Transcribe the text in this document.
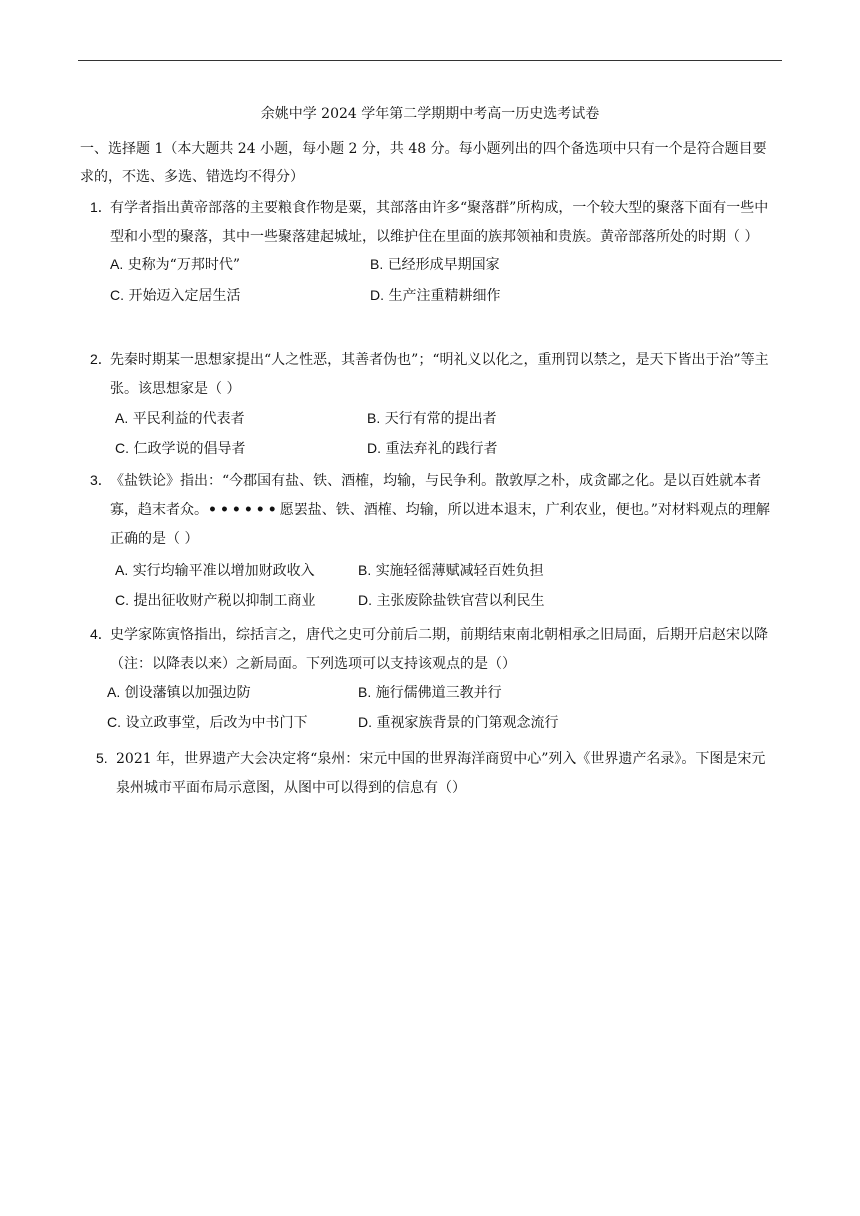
余姚中学 2024 学年第二学期期中考高一历史选考试卷
一、选择题 1（本大题共 24 小题，每小题 2 分，共 48 分。每小题列出的四个备选项中只有一个是符合题目要求的，不选、多选、错选均不得分）
1．有学者指出黄帝部落的主要粮食作物是粟，其部落由许多“聚落群”所构成，一个较大型的聚落下面有一些中型和小型的聚落，其中一些聚落建起城址，以维护住在里面的族邦领袖和贵族。黄帝部落所处的时期（ ）
A. 史称为“万邦时代”	B. 已经形成早期国家
C. 开始迈入定居生活	D. 生产注重精耕细作
2．先秦时期某一思想家提出“人之性恶，其善者伪也”；“明礼义以化之，重刑罚以禁之，是天下皆出于治”等主张。该思想家是（ ）
A. 平民利益的代表者	B. 天行有常的提出者
C. 仁政学说的倡导者	D. 重法弃礼的践行者
3．《盐铁论》指出：“今郡国有盐、铁、酒榷，均输，与民争利。散敦厚之朴，成贪鄙之化。是以百姓就本者寡，趋末者众。••••••愿罢盐、铁、酒榷、均输，所以进本退末，广利农业，便也。”对材料观点的理解正确的是（ ）
A. 实行均输平准以增加财政收入	B. 实施轻徭薄赋减轻百姓负担
C. 提出征收财产税以抑制工商业	D. 主张废除盐铁官营以利民生
4．史学家陈寅恪指出，综括言之，唐代之史可分前后二期，前期结束南北朝相承之旧局面，后期开启赵宋以降（注：以降表以来）之新局面。下列选项可以支持该观点的是（）
A. 创设藩镇以加强边防	B. 施行儒佛道三教并行
C. 设立政事堂，后改为中书门下	D. 重视家族背景的门第观念流行
5. 2021 年，世界遗产大会决定将“泉州：宋元中国的世界海洋商贸中心”列入《世界遗产名录》。下图是宋元泉州城市平面布局示意图，从图中可以得到的信息有（）
